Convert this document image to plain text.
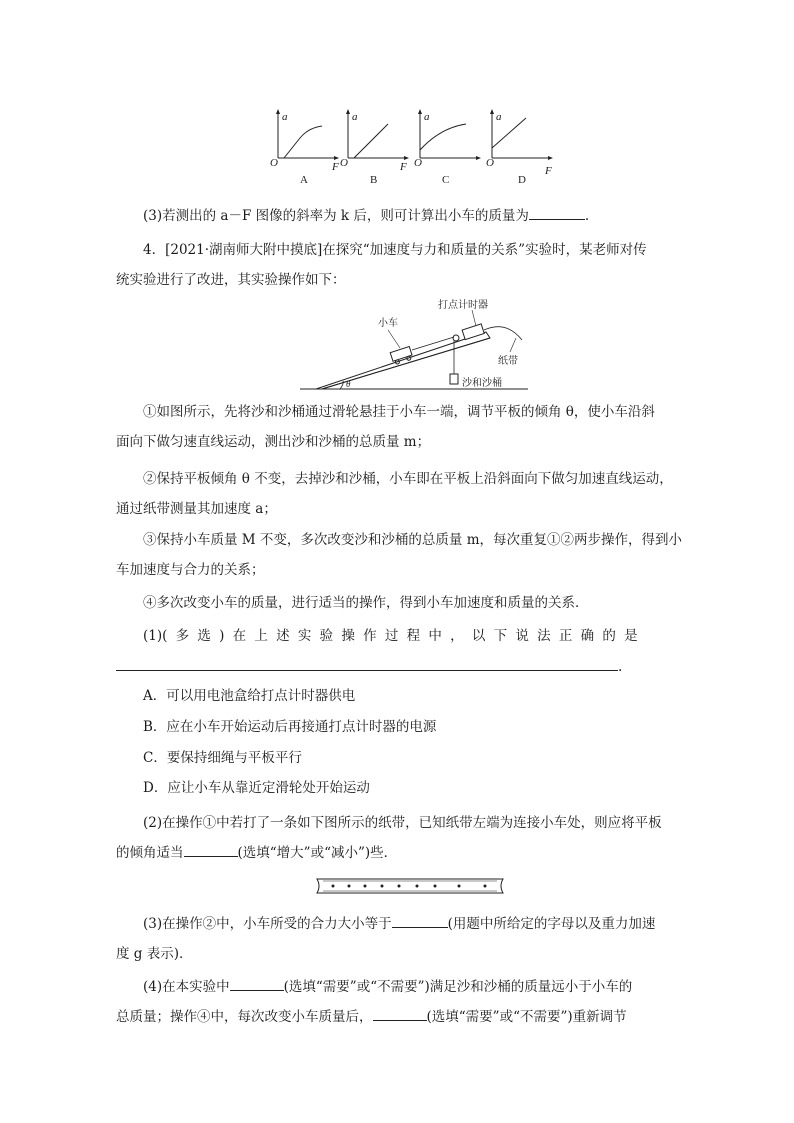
a
O	F
A
a
O	F
B
a
O
C
a
O
F
D
(3)若测出的 a－F 图像的斜率为 k 后，则可计算出小车的质量为	.
4．[2021·湖南师大附中摸底]在探究“加速度与力和质量的关系”实验时，某老师对传
统实验进行了改进，其实验操作如下：
θ
打点计时器
小车
纸带
沙和沙桶
①如图所示，先将沙和沙桶通过滑轮悬挂于小车一端，调节平板的倾角 θ，使小车沿斜
面向下做匀速直线运动，测出沙和沙桶的总质量 m；
②保持平板倾角 θ 不变，去掉沙和沙桶，小车即在平板上沿斜面向下做匀加速直线运动，
通过纸带测量其加速度 a；
③保持小车质量 M 不变，多次改变沙和沙桶的总质量 m，每次重复①②两步操作，得到小
车加速度与合力的关系；
④多次改变小车的质量，进行适当的操作，得到小车加速度和质量的关系．
(1)( 多 选 ) 在 上 述 实 验 操 作 过 程 中 ， 以 下 说 法 正 确 的 是
.
A．可以用电池盒给打点计时器供电
B．应在小车开始运动后再接通打点计时器的电源
C．要保持细绳与平板平行
D．应让小车从靠近定滑轮处开始运动
(2)在操作①中若打了一条如下图所示的纸带，已知纸带左端为连接小车处，则应将平板
的倾角适当	(选填“增大”或“减小”)些．
(3)在操作②中，小车所受的合力大小等于	(用题中所给定的字母以及重力加速
度 g 表示)．
(4)在本实验中	(选填“需要”或“不需要”)满足沙和沙桶的质量远小于小车的
总质量；操作④中，每次改变小车质量后，	(选填“需要”或“不需要”)重新调节
